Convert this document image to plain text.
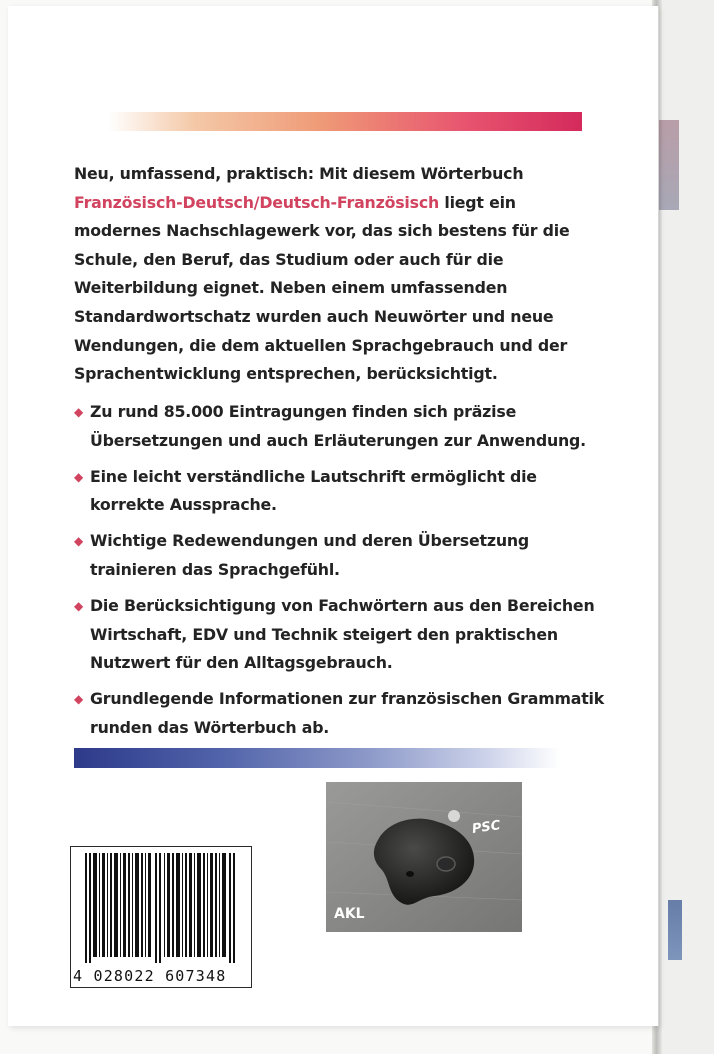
Neu, umfassend, praktisch: Mit diesem Wörterbuch Französisch-Deutsch/Deutsch-Französisch liegt ein modernes Nachschlagewerk vor, das sich bestens für die Schule, den Beruf, das Studium oder auch für die Weiterbildung eignet. Neben einem umfassenden Standardwortschatz wurden auch Neuwörter und neue Wendungen, die dem aktuellen Sprachgebrauch und der Sprachentwicklung entsprechen, berücksichtigt.

◆ Zu rund 85.000 Eintragungen finden sich präzise Übersetzungen und auch Erläuterungen zur Anwendung.
◆ Eine leicht verständliche Lautschrift ermöglicht die korrekte Aussprache.
◆ Wichtige Redewendungen und deren Übersetzung trainieren das Sprachgefühl.
◆ Die Berücksichtigung von Fachwörtern aus den Bereichen Wirtschaft, EDV und Technik steigert den praktischen Nutzwert für den Alltagsgebrauch.
◆ Grundlegende Informationen zur französischen Grammatik runden das Wörterbuch ab.
PSC
AKL
4 028022 607348
